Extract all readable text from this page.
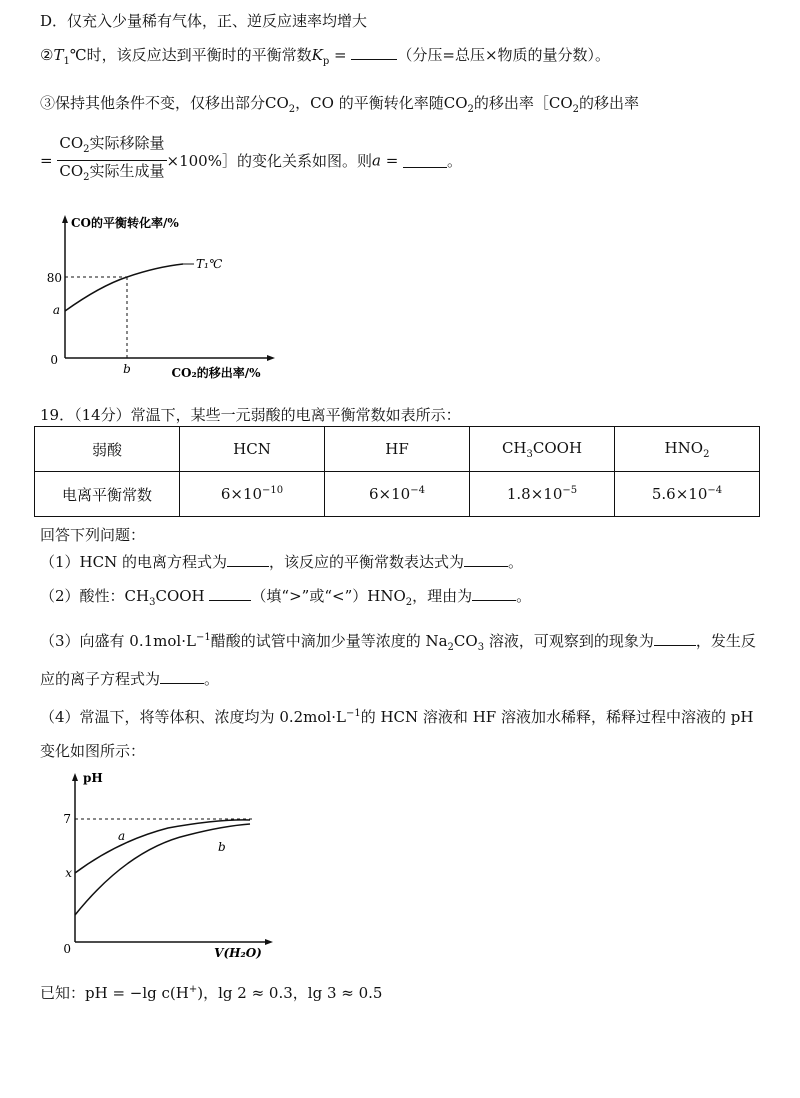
D．仅充入少量稀有气体，正、逆反应速率均增大
$②T_1℃$时，该反应达到平衡时的平衡常数$K_p$ =	（分压=总压×物质的量分数）。
③保持其他条件不变，仅移出部分$CO_2$，CO 的平衡转化率随$CO_2$的移出率$[CO_2$的移出率
= $\frac{CO_2实际移除量}{CO_2实际生成量}$ ×100%］的变化关系如图。则a =	。
CO的平衡转化率/%
0
80
a
b	CO₂的移出率/%
T₁℃
19．（14分）常温下，某些一元弱酸的电离平衡常数如表所示：
弱酸	HCN	HF	$CH_3COOH$	$HNO_2$
电离平衡常数	$6\times 10^{-10}$	$6\times 10^{-4}$	$1.8\times 10^{-5}$	$5.6\times 10^{-4}$
回答下列问题：
（1）HCN 的电离方程式为	，该反应的平衡常数表达式为	。
（2）酸性：$CH_3COOH$	（填“>”或“$<”)HNO_2$，理由为	。
（3）向盛有 $0.1mol\cdot L^{-1}$醋酸的试管中滴加少量等浓度的 $Na_2CO_3$ 溶液，可观察到的现象为	，发生反
应的离子方程式为	。
（4）常温下，将等体积、浓度均为 $0.2mol\cdot L^{-1}$的 HCN 溶液和 HF 溶液加水稀释，稀释过程中溶液的 pH
变化如图所示：
pH
0
7
x
V(H₂O)
a
b
已知：pH = −lg c(H+)，lg 2 ≈ 0.3，lg 3 ≈ 0.5
